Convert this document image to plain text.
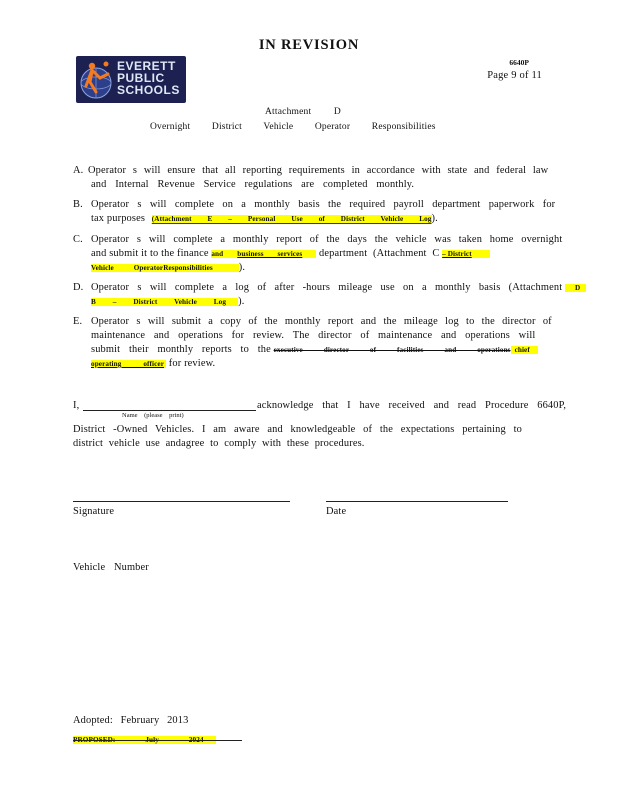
IN REVISION
6640P
Page 9 of 11
EVERETT
PUBLIC
SCHOOLS
Attachment D
Overnight District Vehicle Operator Responsibilities
A. Operator s will ensure that all reporting requirements in accordance with state and federal law
and Internal Revenue Service regulations are completed monthly.
B. Operator s will complete on a monthly basis the required payroll department paperwork for
tax purposes (Attachment E – Personal Use of District Vehicle Log).
C. Operator s will complete a monthly report of the days the vehicle was taken home overnight
and submit it to the finance and business services department (Attachment C – District
Vehicle OperatorResponsibilities	).
D. Operator s will complete a log of after -hours mileage use on a monthly basis (Attachment D
B – District Vehicle Log ).
E. Operator s will submit a copy of the monthly report and the mileage log to the director of
maintenance and operations for review. The director of maintenance and operations will
submit their monthly reports to the executive director of facilities and operations chief
operating officer for review.
I,	acknowledge that I have received and read Procedure 6640P,
Name (please print)
District -Owned Vehicles. I am aware and knowledgeable of the expectations pertaining to
district vehicle use andagree to comply with these procedures.
Signature	Date
Vehicle Number
Adopted: February 2013
PROPOSED: July 2024
